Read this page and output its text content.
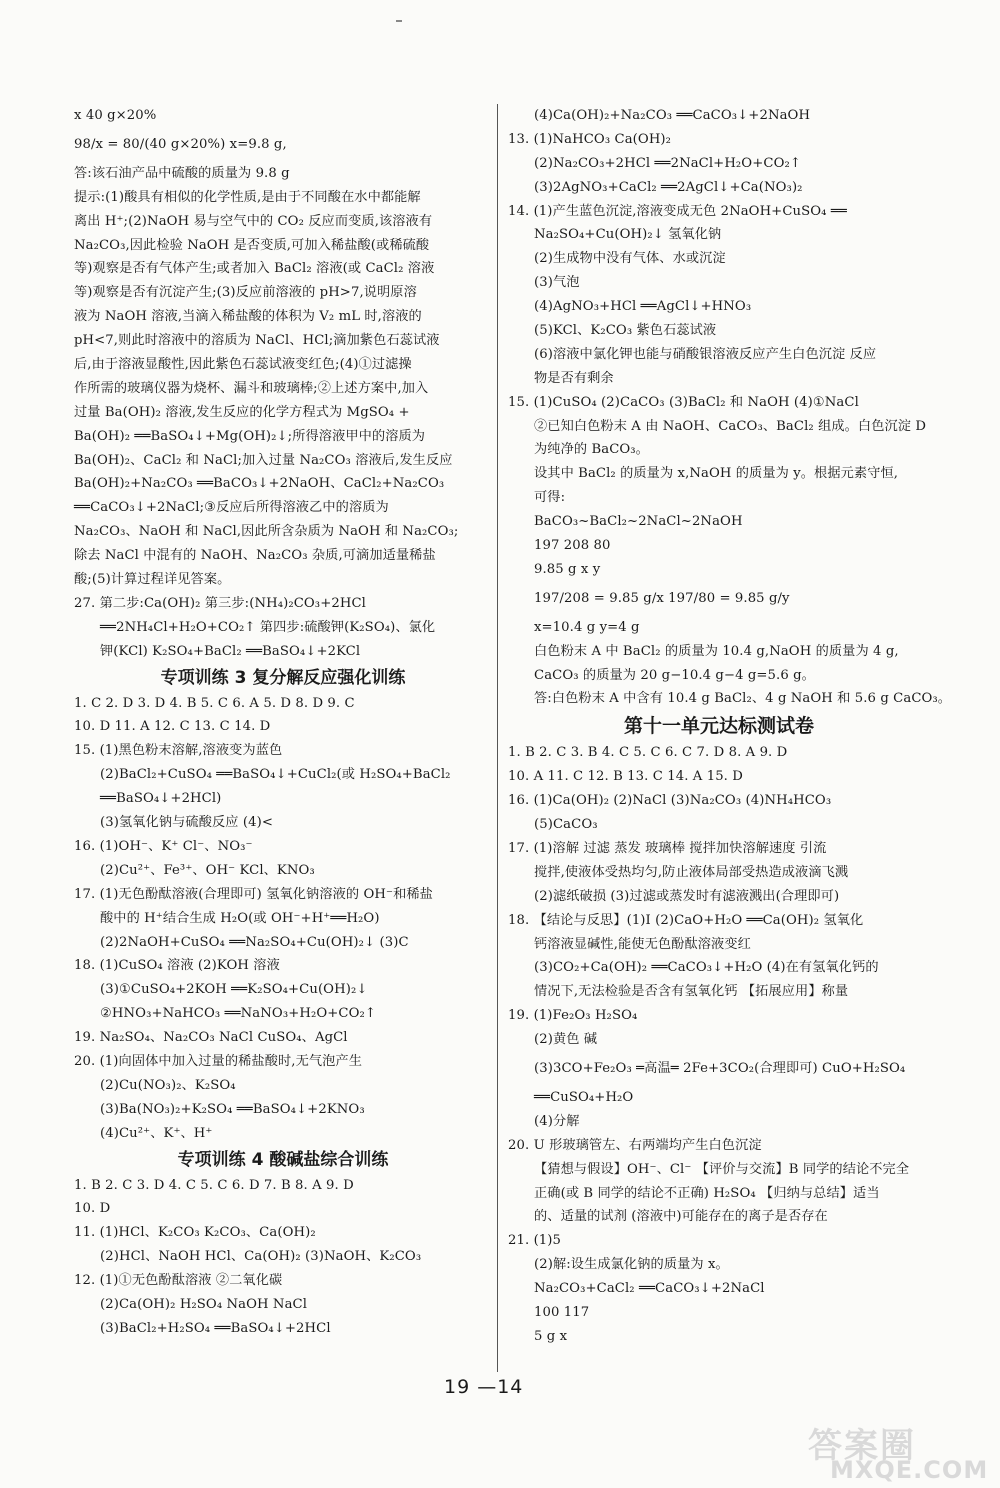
x 40 g×20%
98/x = 80/(40 g×20%) x=9.8 g,
答:该石油产品中硫酸的质量为 9.8 g
提示:(1)酸具有相似的化学性质,是由于不同酸在水中都能解
离出 H⁺;(2)NaOH 易与空气中的 CO₂ 反应而变质,该溶液有
Na₂CO₃,因此检验 NaOH 是否变质,可加入稀盐酸(或稀硫酸
等)观察是否有气体产生;或者加入 BaCl₂ 溶液(或 CaCl₂ 溶液
等)观察是否有沉淀产生;(3)反应前溶液的 pH>7,说明原溶
液为 NaOH 溶液,当滴入稀盐酸的体积为 V₂ mL 时,溶液的
pH<7,则此时溶液中的溶质为 NaCl、HCl;滴加紫色石蕊试液
后,由于溶液显酸性,因此紫色石蕊试液变红色;(4)①过滤操
作所需的玻璃仪器为烧杯、漏斗和玻璃棒;②上述方案中,加入
过量 Ba(OH)₂ 溶液,发生反应的化学方程式为 MgSO₄ +
Ba(OH)₂ ══BaSO₄↓+Mg(OH)₂↓;所得溶液甲中的溶质为
Ba(OH)₂、CaCl₂ 和 NaCl;加入过量 Na₂CO₃ 溶液后,发生反应
Ba(OH)₂+Na₂CO₃ ══BaCO₃↓+2NaOH、CaCl₂+Na₂CO₃
══CaCO₃↓+2NaCl;③反应后所得溶液乙中的溶质为
Na₂CO₃、NaOH 和 NaCl,因此所含杂质为 NaOH 和 Na₂CO₃;
除去 NaCl 中混有的 NaOH、Na₂CO₃ 杂质,可滴加适量稀盐
酸;(5)计算过程详见答案。
27. 第二步:Ca(OH)₂ 第三步:(NH₄)₂CO₃+2HCl
══2NH₄Cl+H₂O+CO₂↑ 第四步:硫酸钾(K₂SO₄)、氯化
钾(KCl) K₂SO₄+BaCl₂ ══BaSO₄↓+2KCl
专项训练 3 复分解反应强化训练
1. C 2. D 3. D 4. B 5. C 6. A 5. D 8. D 9. C
10. D 11. A 12. C 13. C 14. D
15. (1)黑色粉末溶解,溶液变为蓝色
(2)BaCl₂+CuSO₄ ══BaSO₄↓+CuCl₂(或 H₂SO₄+BaCl₂
══BaSO₄↓+2HCl)
(3)氢氧化钠与硫酸反应 (4)<
16. (1)OH⁻、K⁺ Cl⁻、NO₃⁻
(2)Cu²⁺、Fe³⁺、OH⁻ KCl、KNO₃
17. (1)无色酚酞溶液(合理即可) 氢氧化钠溶液的 OH⁻和稀盐
酸中的 H⁺结合生成 H₂O(或 OH⁻+H⁺══H₂O)
(2)2NaOH+CuSO₄ ══Na₂SO₄+Cu(OH)₂↓ (3)C
18. (1)CuSO₄ 溶液 (2)KOH 溶液
(3)①CuSO₄+2KOH ══K₂SO₄+Cu(OH)₂↓
②HNO₃+NaHCO₃ ══NaNO₃+H₂O+CO₂↑
19. Na₂SO₄、Na₂CO₃ NaCl CuSO₄、AgCl
20. (1)向固体中加入过量的稀盐酸时,无气泡产生
(2)Cu(NO₃)₂、K₂SO₄
(3)Ba(NO₃)₂+K₂SO₄ ══BaSO₄↓+2KNO₃
(4)Cu²⁺、K⁺、H⁺
专项训练 4 酸碱盐综合训练
1. B 2. C 3. D 4. C 5. C 6. D 7. B 8. A 9. D
10. D
11. (1)HCl、K₂CO₃ K₂CO₃、Ca(OH)₂
(2)HCl、NaOH HCl、Ca(OH)₂ (3)NaOH、K₂CO₃
12. (1)①无色酚酞溶液 ②二氧化碳
(2)Ca(OH)₂ H₂SO₄ NaOH NaCl
(3)BaCl₂+H₂SO₄ ══BaSO₄↓+2HCl
(4)Ca(OH)₂+Na₂CO₃ ══CaCO₃↓+2NaOH
13. (1)NaHCO₃ Ca(OH)₂
(2)Na₂CO₃+2HCl ══2NaCl+H₂O+CO₂↑
(3)2AgNO₃+CaCl₂ ══2AgCl↓+Ca(NO₃)₂
14. (1)产生蓝色沉淀,溶液变成无色 2NaOH+CuSO₄ ══
Na₂SO₄+Cu(OH)₂↓ 氢氧化钠
(2)生成物中没有气体、水或沉淀
(3)气泡
(4)AgNO₃+HCl ══AgCl↓+HNO₃
(5)KCl、K₂CO₃ 紫色石蕊试液
(6)溶液中氯化钾也能与硝酸银溶液反应产生白色沉淀 反应
物是否有剩余
15. (1)CuSO₄ (2)CaCO₃ (3)BaCl₂ 和 NaOH (4)①NaCl
②已知白色粉末 A 由 NaOH、CaCO₃、BaCl₂ 组成。白色沉淀 D
为纯净的 BaCO₃。
设其中 BaCl₂ 的质量为 x,NaOH 的质量为 y。根据元素守恒,
可得:
BaCO₃~BaCl₂~2NaCl~2NaOH
197 208 80
9.85 g x y
197/208 = 9.85 g/x 197/80 = 9.85 g/y
x=10.4 g y=4 g
白色粉末 A 中 BaCl₂ 的质量为 10.4 g,NaOH 的质量为 4 g,
CaCO₃ 的质量为 20 g−10.4 g−4 g=5.6 g。
答:白色粉末 A 中含有 10.4 g BaCl₂、4 g NaOH 和 5.6 g CaCO₃。
第十一单元达标测试卷
1. B 2. C 3. B 4. C 5. C 6. C 7. D 8. A 9. D
10. A 11. C 12. B 13. C 14. A 15. D
16. (1)Ca(OH)₂ (2)NaCl (3)Na₂CO₃ (4)NH₄HCO₃
(5)CaCO₃
17. (1)溶解 过滤 蒸发 玻璃棒 搅拌加快溶解速度 引流
搅拌,使液体受热均匀,防止液体局部受热造成液滴飞溅
(2)滤纸破损 (3)过滤或蒸发时有滤液溅出(合理即可)
18. 【结论与反思】(1)Ⅰ (2)CaO+H₂O ══Ca(OH)₂ 氢氧化
钙溶液显碱性,能使无色酚酞溶液变红
(3)CO₂+Ca(OH)₂ ══CaCO₃↓+H₂O (4)在有氢氧化钙的
情况下,无法检验是否含有氢氧化钙 【拓展应用】称量
19. (1)Fe₂O₃ H₂SO₄
(2)黄色 碱
(3)3CO+Fe₂O₃ ═高温═ 2Fe+3CO₂(合理即可) CuO+H₂SO₄
══CuSO₄+H₂O
(4)分解
20. U 形玻璃管左、右两端均产生白色沉淀
【猜想与假设】OH⁻、Cl⁻ 【评价与交流】B 同学的结论不完全
正确(或 B 同学的结论不正确) H₂SO₄ 【归纳与总结】适当
的、适量的试剂 (溶液中)可能存在的离子是否存在
21. (1)5
(2)解:设生成氯化钠的质量为 x。
Na₂CO₃+CaCl₂ ══CaCO₃↓+2NaCl
100 117
5 g x
19 —14
答案圈
MXQE.COM
